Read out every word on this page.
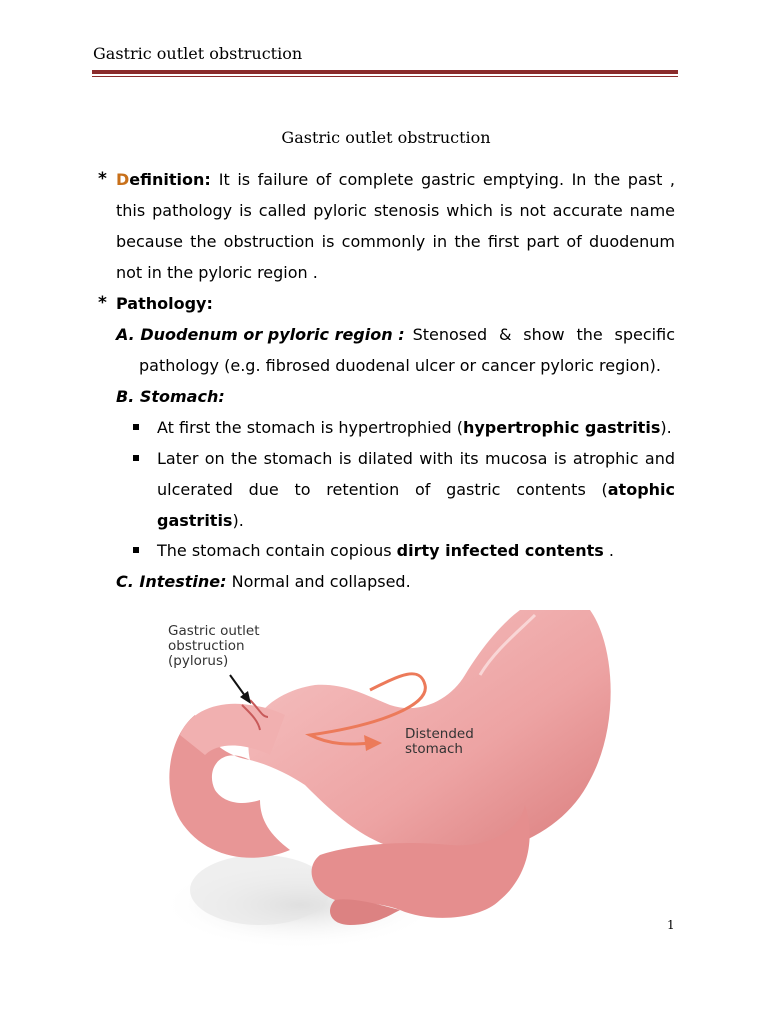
Gastric outlet obstruction
Gastric outlet obstruction
* Definition: It is failure of complete gastric emptying. In the past ,
this pathology is called pyloric stenosis which is not accurate name
because the obstruction is commonly in the first part of duodenum
not in the pyloric region .
* Pathology:
A. Duodenum or pyloric region : Stenosed & show the specific
pathology (e.g. fibrosed duodenal ulcer or cancer pyloric region).
B. Stomach:
At first the stomach is hypertrophied (hypertrophic gastritis).
Later on the stomach is dilated with its mucosa is atrophic and
ulcerated due to retention of gastric contents ( atophic
gastritis).
The stomach contain copious dirty infected contents .
C. Intestine: Normal and collapsed.
Gastric outlet
obstruction
(pylorus)
Distended
stomach
1
